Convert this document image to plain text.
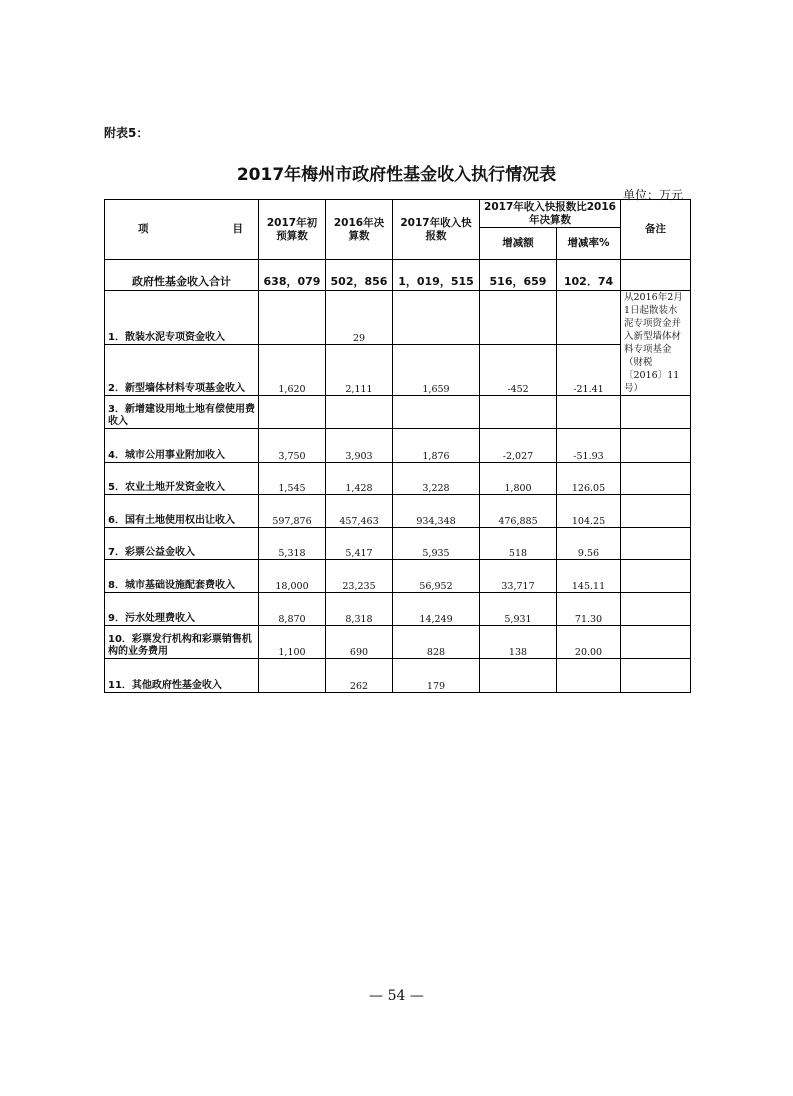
附表5：
2017年梅州市政府性基金收入执行情况表
单位：万元
项 目	2017年初预算数	2016年决算数	2017年收入快报数	2017年收入快报数比2016年决算数		备注
				增减额	增减率%	
政府性基金收入合计	638，079	502，856	1，019，515	516，659	102．74	
1．散装水泥专项资金收入		29				从2016年2月1日起散装水泥专项资金并入新型墙体材料专项基金（财税〔2016〕11号）
2．新型墙体材料专项基金收入	1,620	2,111	1,659	-452	-21.41	
3．新增建设用地土地有偿使用费收入						
4．城市公用事业附加收入	3,750	3,903	1,876	-2,027	-51.93	
5．农业土地开发资金收入	1,545	1,428	3,228	1,800	126.05	
6．国有土地使用权出让收入	597,876	457,463	934,348	476,885	104.25	
7．彩票公益金收入	5,318	5,417	5,935	518	9.56	
8．城市基础设施配套费收入	18,000	23,235	56,952	33,717	145.11	
9．污水处理费收入	8,870	8,318	14,249	5,931	71.30	
10．彩票发行机构和彩票销售机构的业务费用	1,100	690	828	138	20.00	
11．其他政府性基金收入		262	179			
— 54 —
